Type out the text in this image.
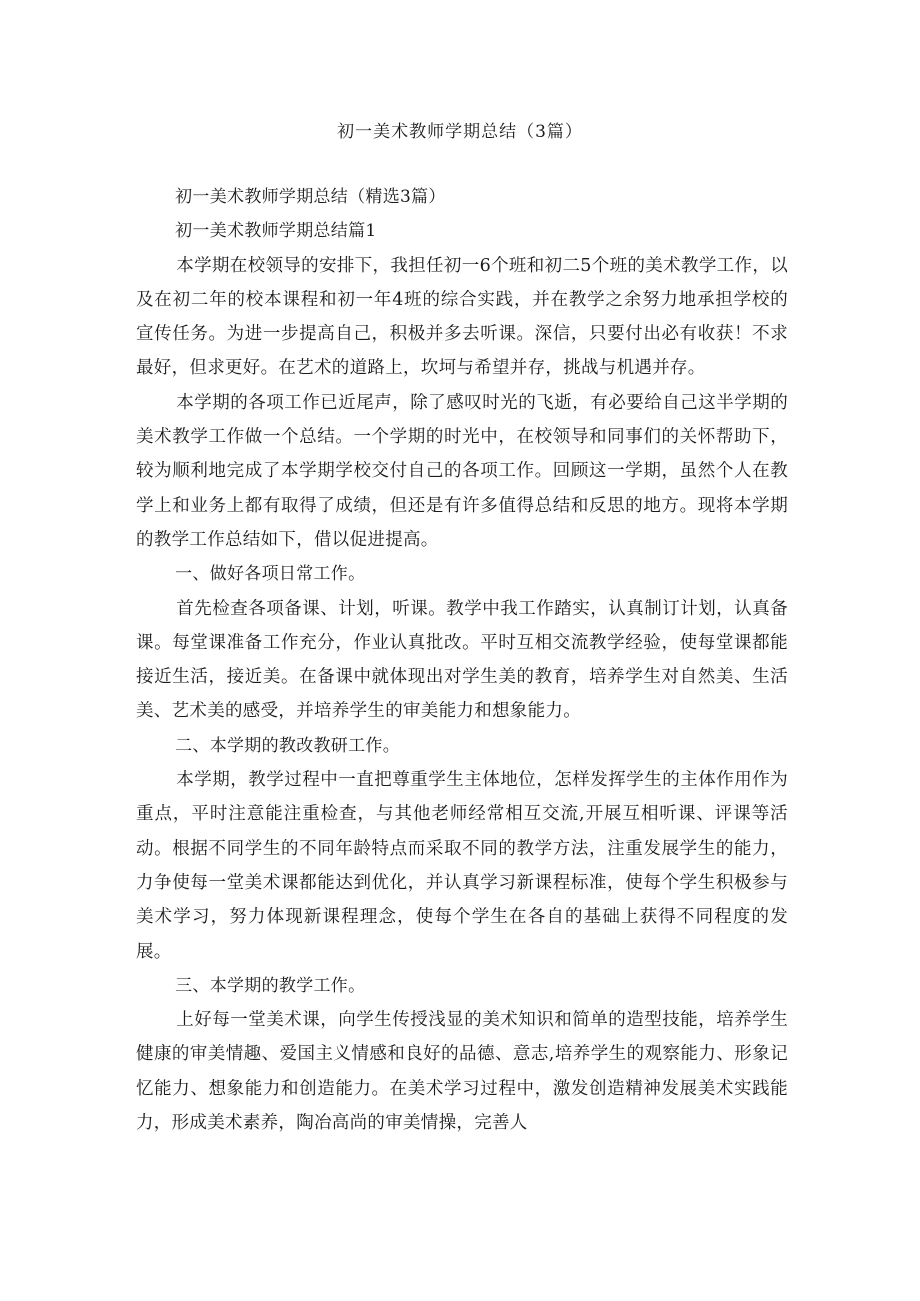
初一美术教师学期总结（3篇）

初一美术教师学期总结（精选3篇）

初一美术教师学期总结篇1

本学期在校领导的安排下，我担任初一6个班和初二5个班的美术教学工作，以及在初二年的校本课程和初一年4班的综合实践，并在教学之余努力地承担学校的宣传任务。为进一步提高自己，积极并多去听课。深信，只要付出必有收获！不求最好，但求更好。在艺术的道路上，坎坷与希望并存，挑战与机遇并存。

本学期的各项工作已近尾声，除了感叹时光的飞逝，有必要给自己这半学期的美术教学工作做一个总结。一个学期的时光中，在校领导和同事们的关怀帮助下，较为顺利地完成了本学期学校交付自己的各项工作。回顾这一学期，虽然个人在教学上和业务上都有取得了成绩，但还是有许多值得总结和反思的地方。现将本学期的教学工作总结如下，借以促进提高。

一、做好各项日常工作。

首先检查各项备课、计划，听课。教学中我工作踏实，认真制订计划，认真备课。每堂课准备工作充分，作业认真批改。平时互相交流教学经验，使每堂课都能接近生活，接近美。在备课中就体现出对学生美的教育，培养学生对自然美、生活美、艺术美的感受，并培养学生的审美能力和想象能力。

二、本学期的教改教研工作。

本学期，教学过程中一直把尊重学生主体地位，怎样发挥学生的主体作用作为重点，平时注意能注重检查，与其他老师经常相互交流,开展互相听课、评课等活动。根据不同学生的不同年龄特点而采取不同的教学方法，注重发展学生的能力，力争使每一堂美术课都能达到优化，并认真学习新课程标准，使每个学生积极参与美术学习，努力体现新课程理念，使每个学生在各自的基础上获得不同程度的发展。

三、本学期的教学工作。

上好每一堂美术课，向学生传授浅显的美术知识和简单的造型技能，培养学生健康的审美情趣、爱国主义情感和良好的品德、意志,培养学生的观察能力、形象记忆能力、想象能力和创造能力。在美术学习过程中，激发创造精神发展美术实践能力，形成美术素养，陶冶高尚的审美情操，完善人
